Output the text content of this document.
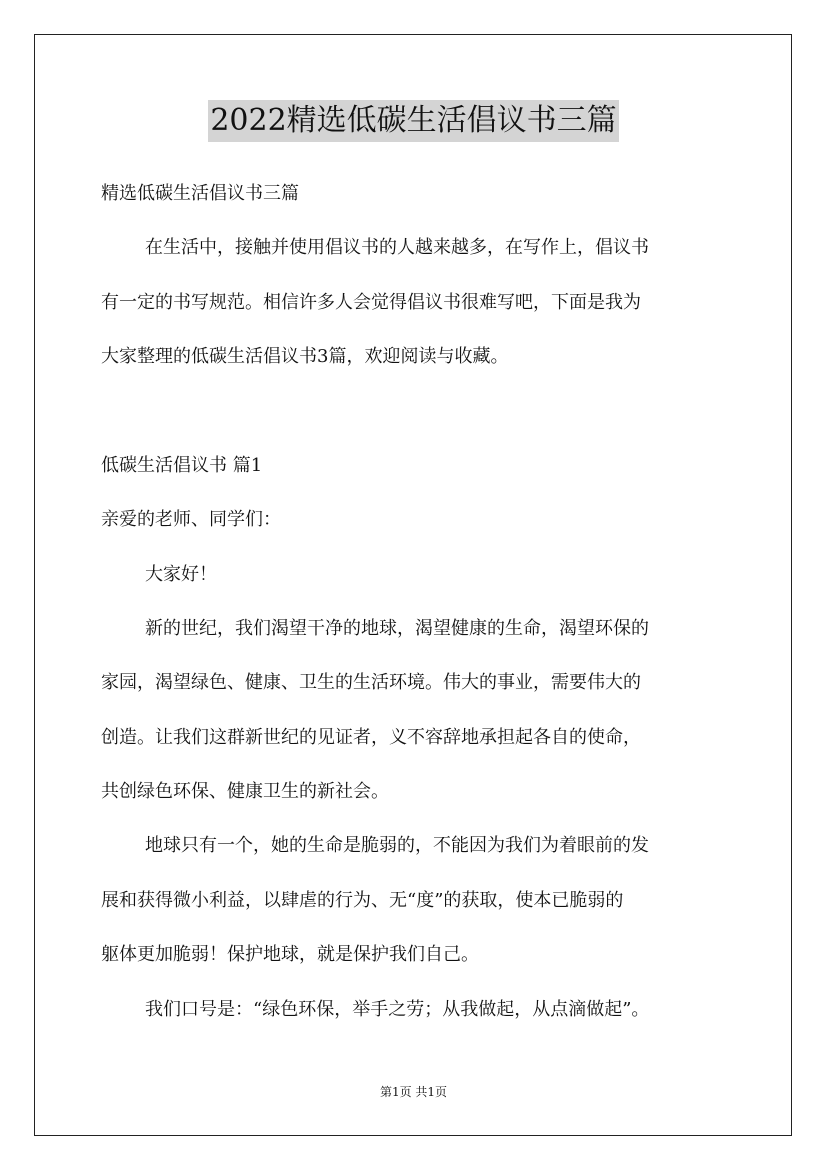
2022精选低碳生活倡议书三篇
精选低碳生活倡议书三篇
在生活中，接触并使用倡议书的人越来越多，在写作上，倡议书
有一定的书写规范。相信许多人会觉得倡议书很难写吧，下面是我为
大家整理的低碳生活倡议书3篇，欢迎阅读与收藏。
低碳生活倡议书 篇1
亲爱的老师、同学们：
大家好！
新的世纪，我们渴望干净的地球，渴望健康的生命，渴望环保的
家园，渴望绿色、健康、卫生的生活环境。伟大的事业，需要伟大的
创造。让我们这群新世纪的见证者，义不容辞地承担起各自的使命，
共创绿色环保、健康卫生的新社会。
地球只有一个，她的生命是脆弱的，不能因为我们为着眼前的发
展和获得微小利益，以肆虐的行为、无“度”的获取，使本已脆弱的
躯体更加脆弱！保护地球，就是保护我们自己。
我们口号是：“绿色环保，举手之劳；从我做起，从点滴做起”。
第1页 共1页
